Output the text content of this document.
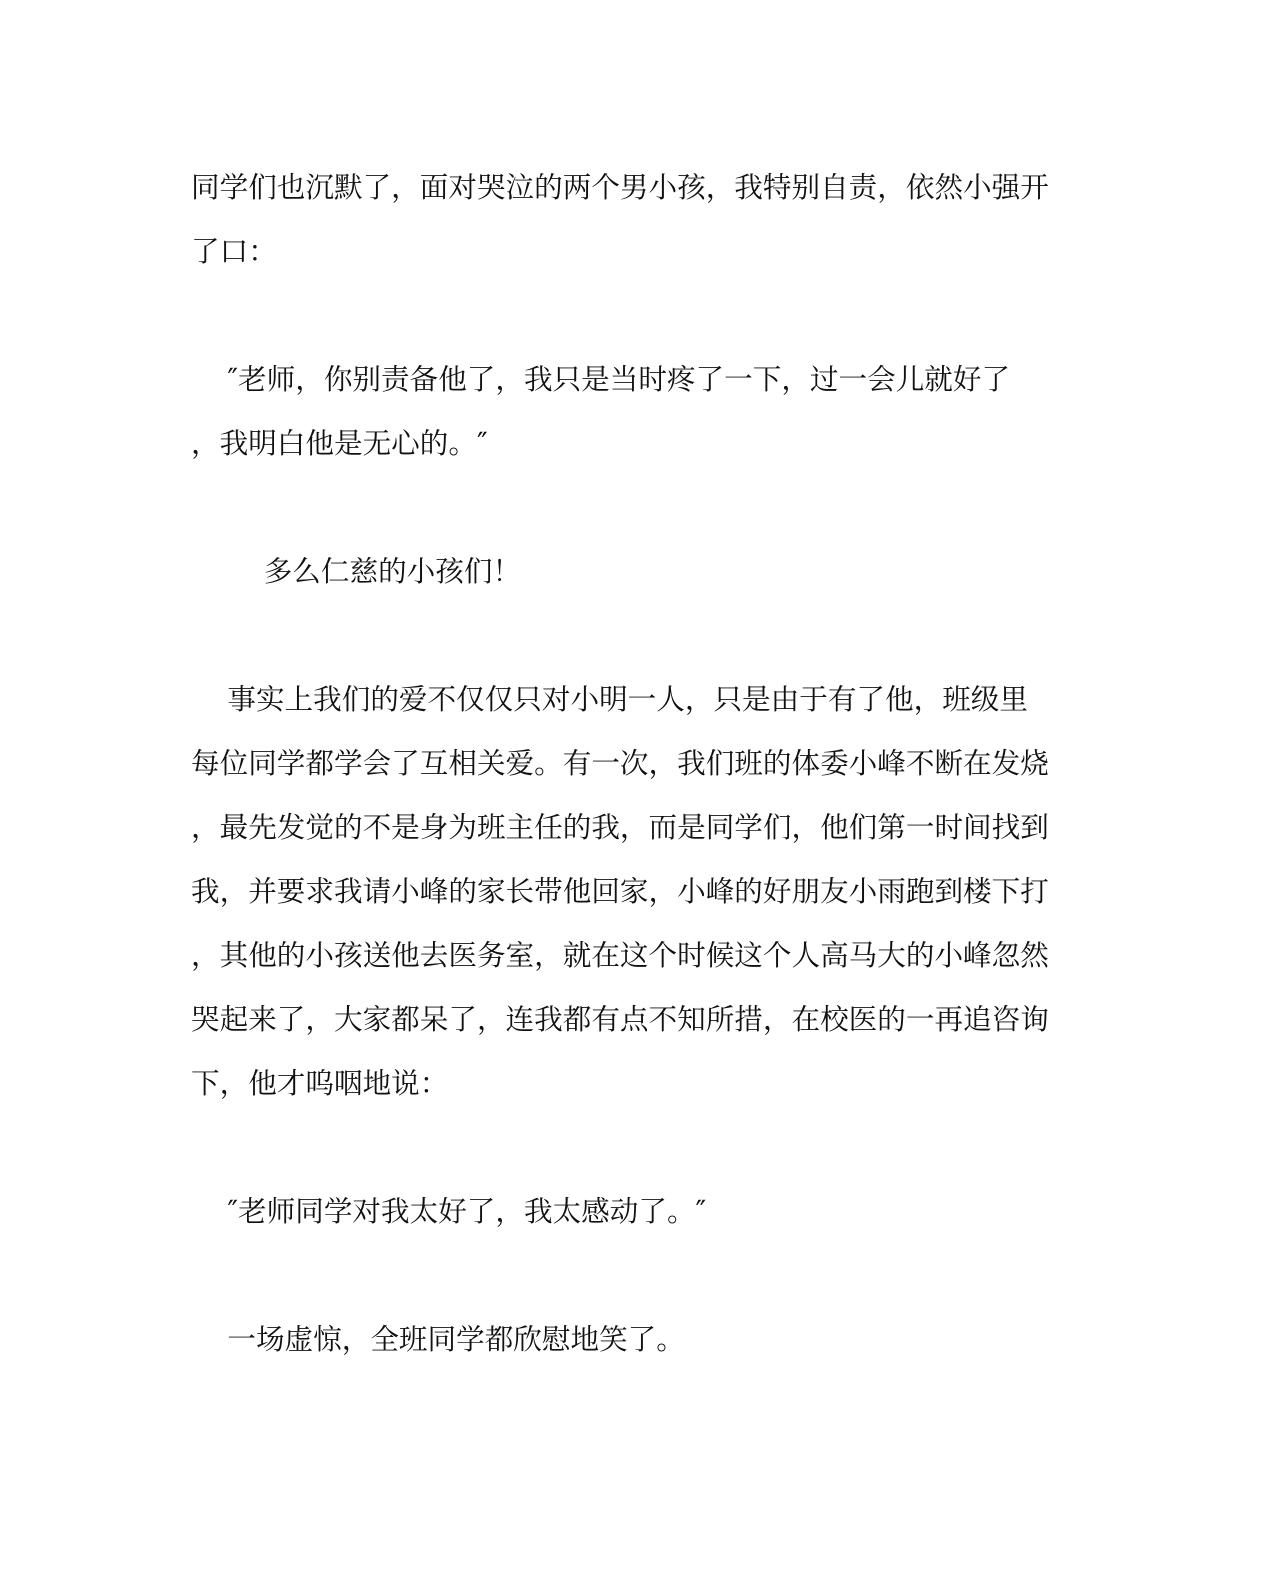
同学们也沉默了，面对哭泣的两个男小孩，我特别自责，依然小强开
了口：
″老师，你别责备他了，我只是当时疼了一下，过一会儿就好了
，我明白他是无心的。″
多么仁慈的小孩们！
事实上我们的爱不仅仅只对小明一人，只是由于有了他，班级里
每位同学都学会了互相关爱。有一次，我们班的体委小峰不断在发烧
，最先发觉的不是身为班主任的我，而是同学们，他们第一时间找到
我，并要求我请小峰的家长带他回家，小峰的好朋友小雨跑到楼下打
，其他的小孩送他去医务室，就在这个时候这个人高马大的小峰忽然
哭起来了，大家都呆了，连我都有点不知所措，在校医的一再追咨询
下，他才呜咽地说：
″老师同学对我太好了，我太感动了。″
一场虚惊，全班同学都欣慰地笑了。
